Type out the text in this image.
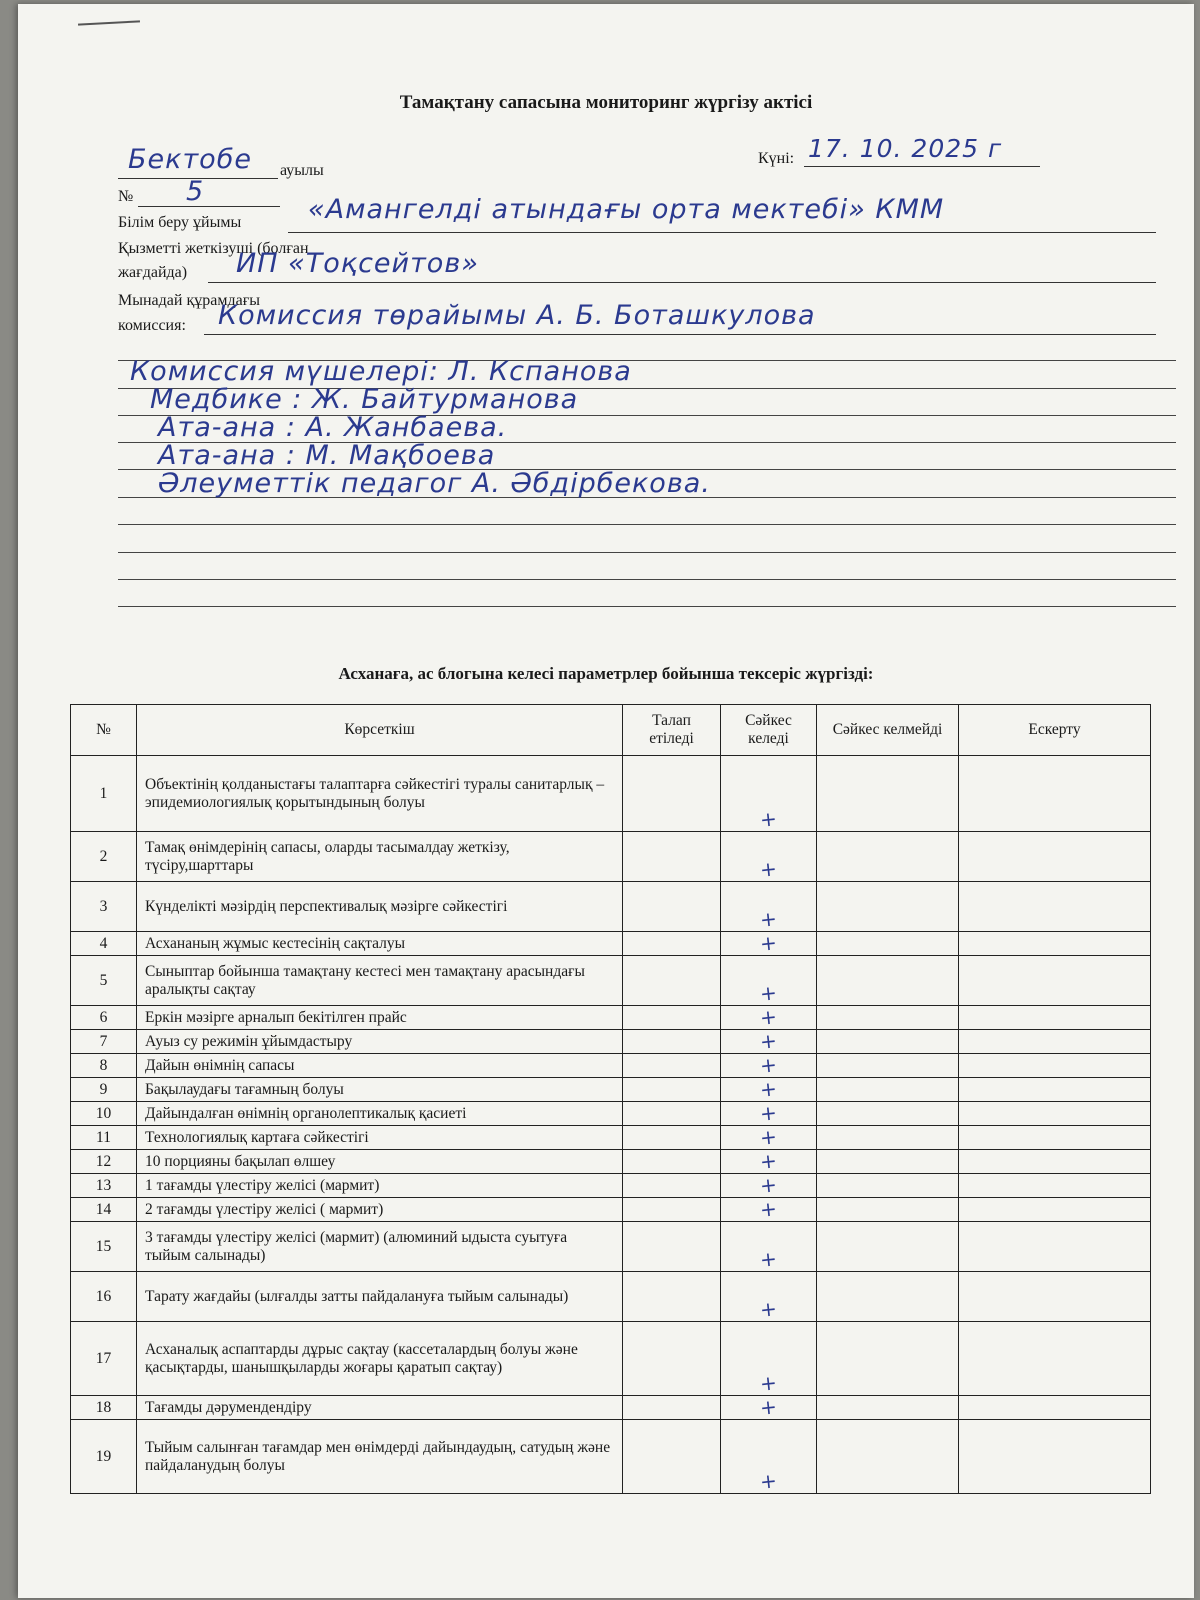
Тамақтану сапасына мониторинг жүргізу актісі
Бектобе ауылы
Күні: 17. 10. 2025 г
№ 5
Білім беру ұйымы «Амангелді атындағы орта мектебі» КММ
Қызметті жеткізуші (болған
жағдайда) ИП «Тоқсейтов»
Мынадай құрамдағы
комиссия: Комиссия төрайымы А. Б. Боташкулова
Комиссия мүшелері: Л. Кспанова
Медбике : Ж. Байтурманова
Ата-ана : А. Жанбаева.
Ата-ана : М. Мақбоева
Әлеуметтік педагог А. Әбдірбекова.
Асханаға, ас блогына келесі параметрлер бойынша тексеріс жүргізді:
№	Көрсеткіш	Талап етіледі	Сәйкес келеді	Сәйкес келмейді	Ескерту
1	Объектінің қолданыстағы талаптарға сәйкестігі туралы санитарлық – эпидемиологиялық қорытындының болуы		+		
2	Тамақ өнімдерінің сапасы, оларды тасымалдау жеткізу, түсіру,шарттары		+		
3	Күнделікті мәзірдің перспективалық мәзірге сәйкестігі		+		
4	Асхананың жұмыс кестесінің сақталуы		+		
5	Сыныптар бойынша тамақтану кестесі мен тамақтану арасындағы аралықты сақтау		+		
6	Еркін мәзірге арналып бекітілген прайс		+		
7	Ауыз су режимін ұйымдастыру		+		
8	Дайын өнімнің сапасы		+		
9	Бақылаудағы тағамның болуы		+		
10	Дайындалған өнімнің органолептикалық қасиеті		+		
11	Технологиялық картаға сәйкестігі		+		
12	10 порцияны бақылап өлшеу		+		
13	1 тағамды үлестіру желісі (мармит)		+		
14	2 тағамды үлестіру желісі ( мармит)		+		
15	3 тағамды үлестіру желісі (мармит) (алюминий ыдыста суытуға тыйым салынады)		+		
16	Тарату жағдайы (ылғалды затты пайдалануға тыйым салынады)		+		
17	Асханалық аспаптарды дұрыс сақтау (кассеталардың болуы және қасықтарды, шанышқыларды жоғары қаратып сақтау)		+		
18	Тағамды дәрумендендіру		+		
19	Тыйым салынған тағамдар мен өнімдерді дайындаудың, сатудың және пайдаланудың болуы		+		
